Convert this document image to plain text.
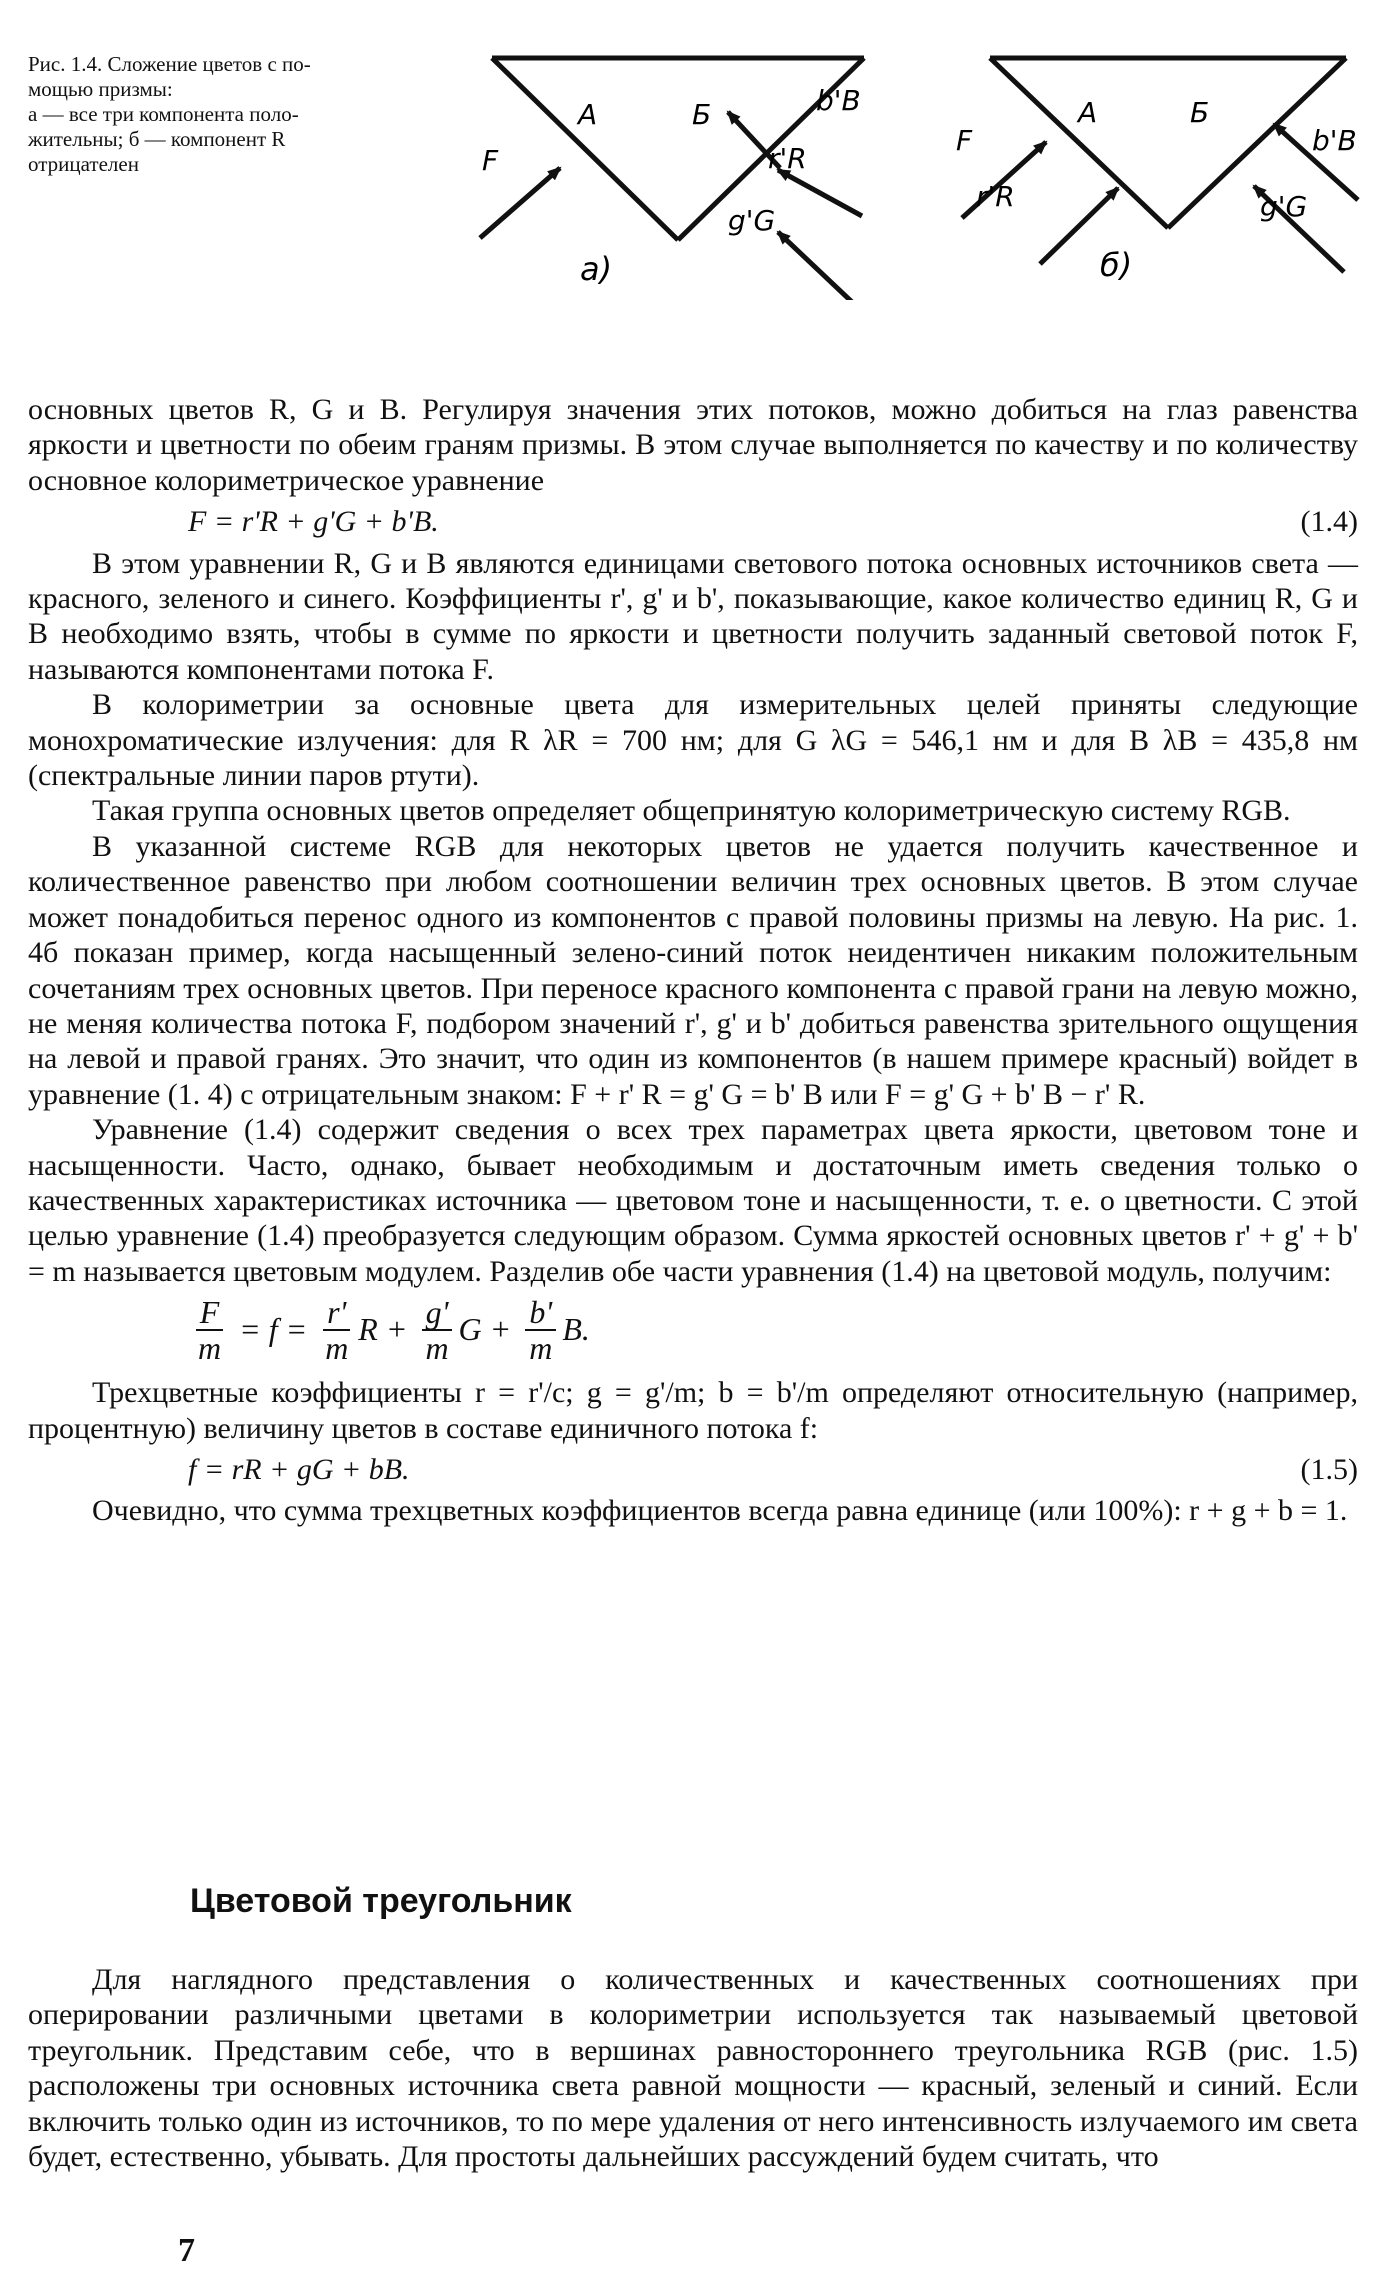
Рис. 1.4. Сложение цветов с по-
мощью призмы:
а — все три компонента поло-
жительны; б — компонент R
отрицателен
А	Б
F
b'B
r'R
g'G
а)
А	Б
F
r'R
b'B
g'G
б)

основных цветов R, G и B. Регулируя значения этих потоков, можно добиться на глаз равенства яркости и цветности по обеим граням призмы. В этом случае выполняется по качеству и по количеству основное колориметрическое уравнение

F = r'R + g'G + b'B.	(1.4)

В этом уравнении R, G и B являются единицами светового потока основных источников света — красного, зеленого и синего. Коэффициенты r', g' и b', показывающие, какое количество единиц R, G и B необходимо взять, чтобы в сумме по яркости и цветности получить заданный световой поток F, называются компонентами потока F.

В колориметрии за основные цвета для измерительных целей приняты следующие монохроматические излучения: для R λR = 700 нм; для G λG = 546,1 нм и для B λB = 435,8 нм (спектральные линии паров ртути).

Такая группа основных цветов определяет общепринятую колориметрическую систему RGB.

В указанной системе RGB для некоторых цветов не удается получить качественное и количественное равенство при любом соотношении величин трех основных цветов. В этом случае может понадобиться перенос одного из компонентов с правой половины призмы на левую. На рис. 1. 4б показан пример, когда насыщенный зелено-синий поток неидентичен никаким положительным сочетаниям трех основных цветов. При переносе красного компонента с правой грани на левую можно, не меняя количества потока F, подбором значений r', g' и b' добиться равенства зрительного ощущения на левой и правой гранях. Это значит, что один из компонентов (в нашем примере красный) войдет в уравнение (1. 4) с отрицательным знаком: F + r' R = g' G = b' B или F = g' G + b' B − r' R.

Уравнение (1.4) содержит сведения о всех трех параметрах цвета яркости, цветовом тоне и насыщенности. Часто, однако, бывает необходимым и достаточным иметь сведения только о качественных характеристиках источника — цветовом тоне и насыщенности, т. е. о цветности. С этой целью уравнение (1.4) преобразуется следующим образом. Сумма яркостей основных цветов r' + g' + b' = m называется цветовым модулем. Разделив обе части уравнения (1.4) на цветовой модуль, получим:

$\frac{F}{m} = f = \frac{r'}{m}$ $R + \frac{g'}{m}$ $G + \frac{b'}{m} B$.

Трехцветные коэффициенты r = r'/c; g = g'/m; b = b'/m определяют относительную (например, процентную) величину цветов в составе единичного потока f:

f = rR + gG + bB.	(1.5)

Очевидно, что сумма трехцветных коэффициентов всегда равна единице (или 100%): r + g + b = 1.

Цветовой треугольник

Для наглядного представления о количественных и качественных соотношениях при оперировании различными цветами в колориметрии используется так называемый цветовой треугольник. Представим себе, что в вершинах равностороннего треугольника RGB (рис. 1.5) расположены три основных источника света равной мощности — красный, зеленый и синий. Если включить только один из источников, то по мере удаления от него интенсивность излучаемого им света будет, естественно, убывать. Для простоты дальнейших рассуждений будем считать, что

7
